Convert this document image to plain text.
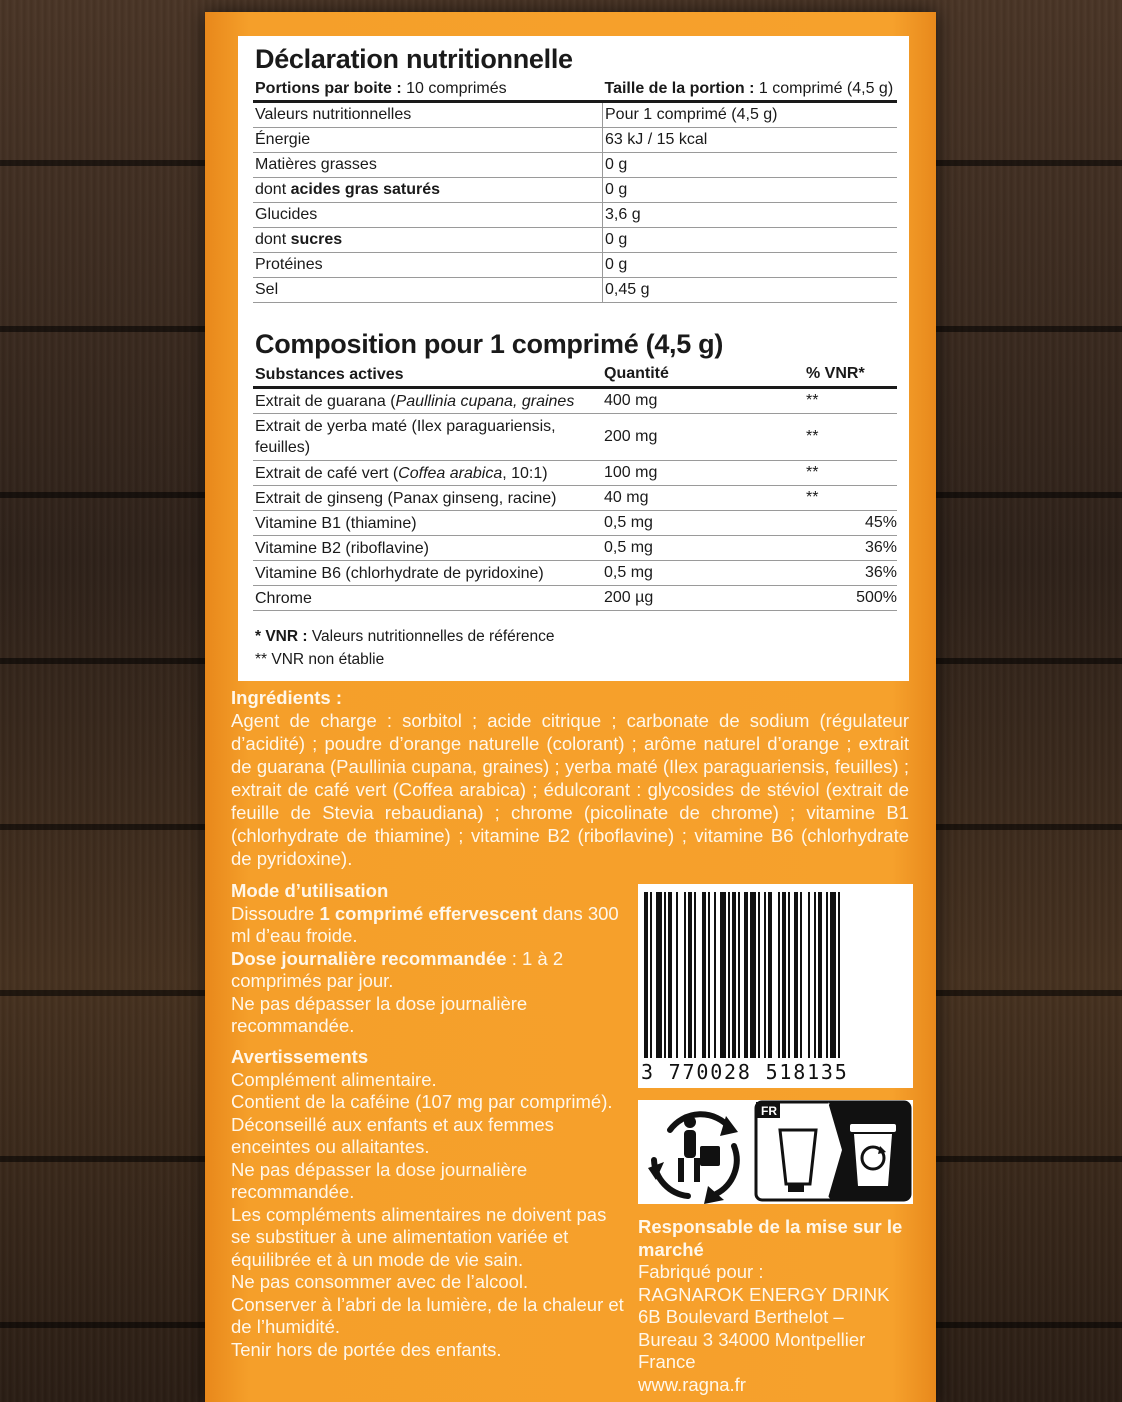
Déclaration nutritionnelle
Portions par boite : 10 comprimés	Taille de la portion : 1 comprimé (4,5 g)
Valeurs nutritionnelles	Pour 1 comprimé (4,5 g)
Énergie	63 kJ / 15 kcal
Matières grasses	0 g
dont acides gras saturés	0 g
Glucides	3,6 g
dont sucres	0 g
Protéines	0 g
Sel	0,45 g
Composition pour 1 comprimé (4,5 g)
Substances actives	Quantité	% VNR*
Extrait de guarana (Paullinia cupana, graines	400 mg	**
Extrait de yerba maté (Ilex paraguariensis, feuilles)	200 mg	**
Extrait de café vert (Coffea arabica, 10:1)	100 mg	**
Extrait de ginseng (Panax ginseng, racine)	40 mg	**
Vitamine B1 (thiamine)	0,5 mg	45%
Vitamine B2 (riboflavine)	0,5 mg	36%
Vitamine B6 (chlorhydrate de pyridoxine)	0,5 mg	36%
Chrome	200 µg	500%
* VNR : Valeurs nutritionnelles de référence
** VNR non établie
Ingrédients :

Agent de charge : sorbitol ; acide citrique ; carbonate de sodium (régulateur d’acidité) ; poudre d’orange naturelle (colorant) ; arôme naturel d’orange ; extrait de guarana (Paullinia cupana, graines) ; yerba maté (Ilex paraguariensis, feuilles) ; extrait de café vert (Coffea arabica) ; édulcorant : glycosides de stéviol (extrait de feuille de Stevia rebaudiana) ; chrome (picolinate de chrome) ; vitamine B1 (chlorhydrate de thiamine) ; vitamine B2 (riboflavine) ; vitamine B6 (chlorhydrate de pyridoxine).

Mode d’utilisation
Dissoudre 1 comprimé effervescent dans 300 ml d’eau froide.
Dose journalière recommandée : 1 à 2 comprimés par jour.
Ne pas dépasser la dose journalière recommandée.
Avertissements
Complément alimentaire.
Contient de la caféine (107 mg par comprimé).
Déconseillé aux enfants et aux femmes enceintes ou allaitantes.
Ne pas dépasser la dose journalière recommandée.
Les compléments alimentaires ne doivent pas se substituer à une alimentation variée et équilibrée et à un mode de vie sain.
Ne pas consommer avec de l’alcool.
Conserver à l’abri de la lumière, de la chaleur et de l’humidité.
Tenir hors de portée des enfants.
3 770028 518135
FR
Responsable de la mise sur le marché
Fabriqué pour :
RAGNAROK ENERGY DRINK
6B Boulevard Berthelot –
Bureau 3 34000 Montpellier
France
www.ragna.fr
